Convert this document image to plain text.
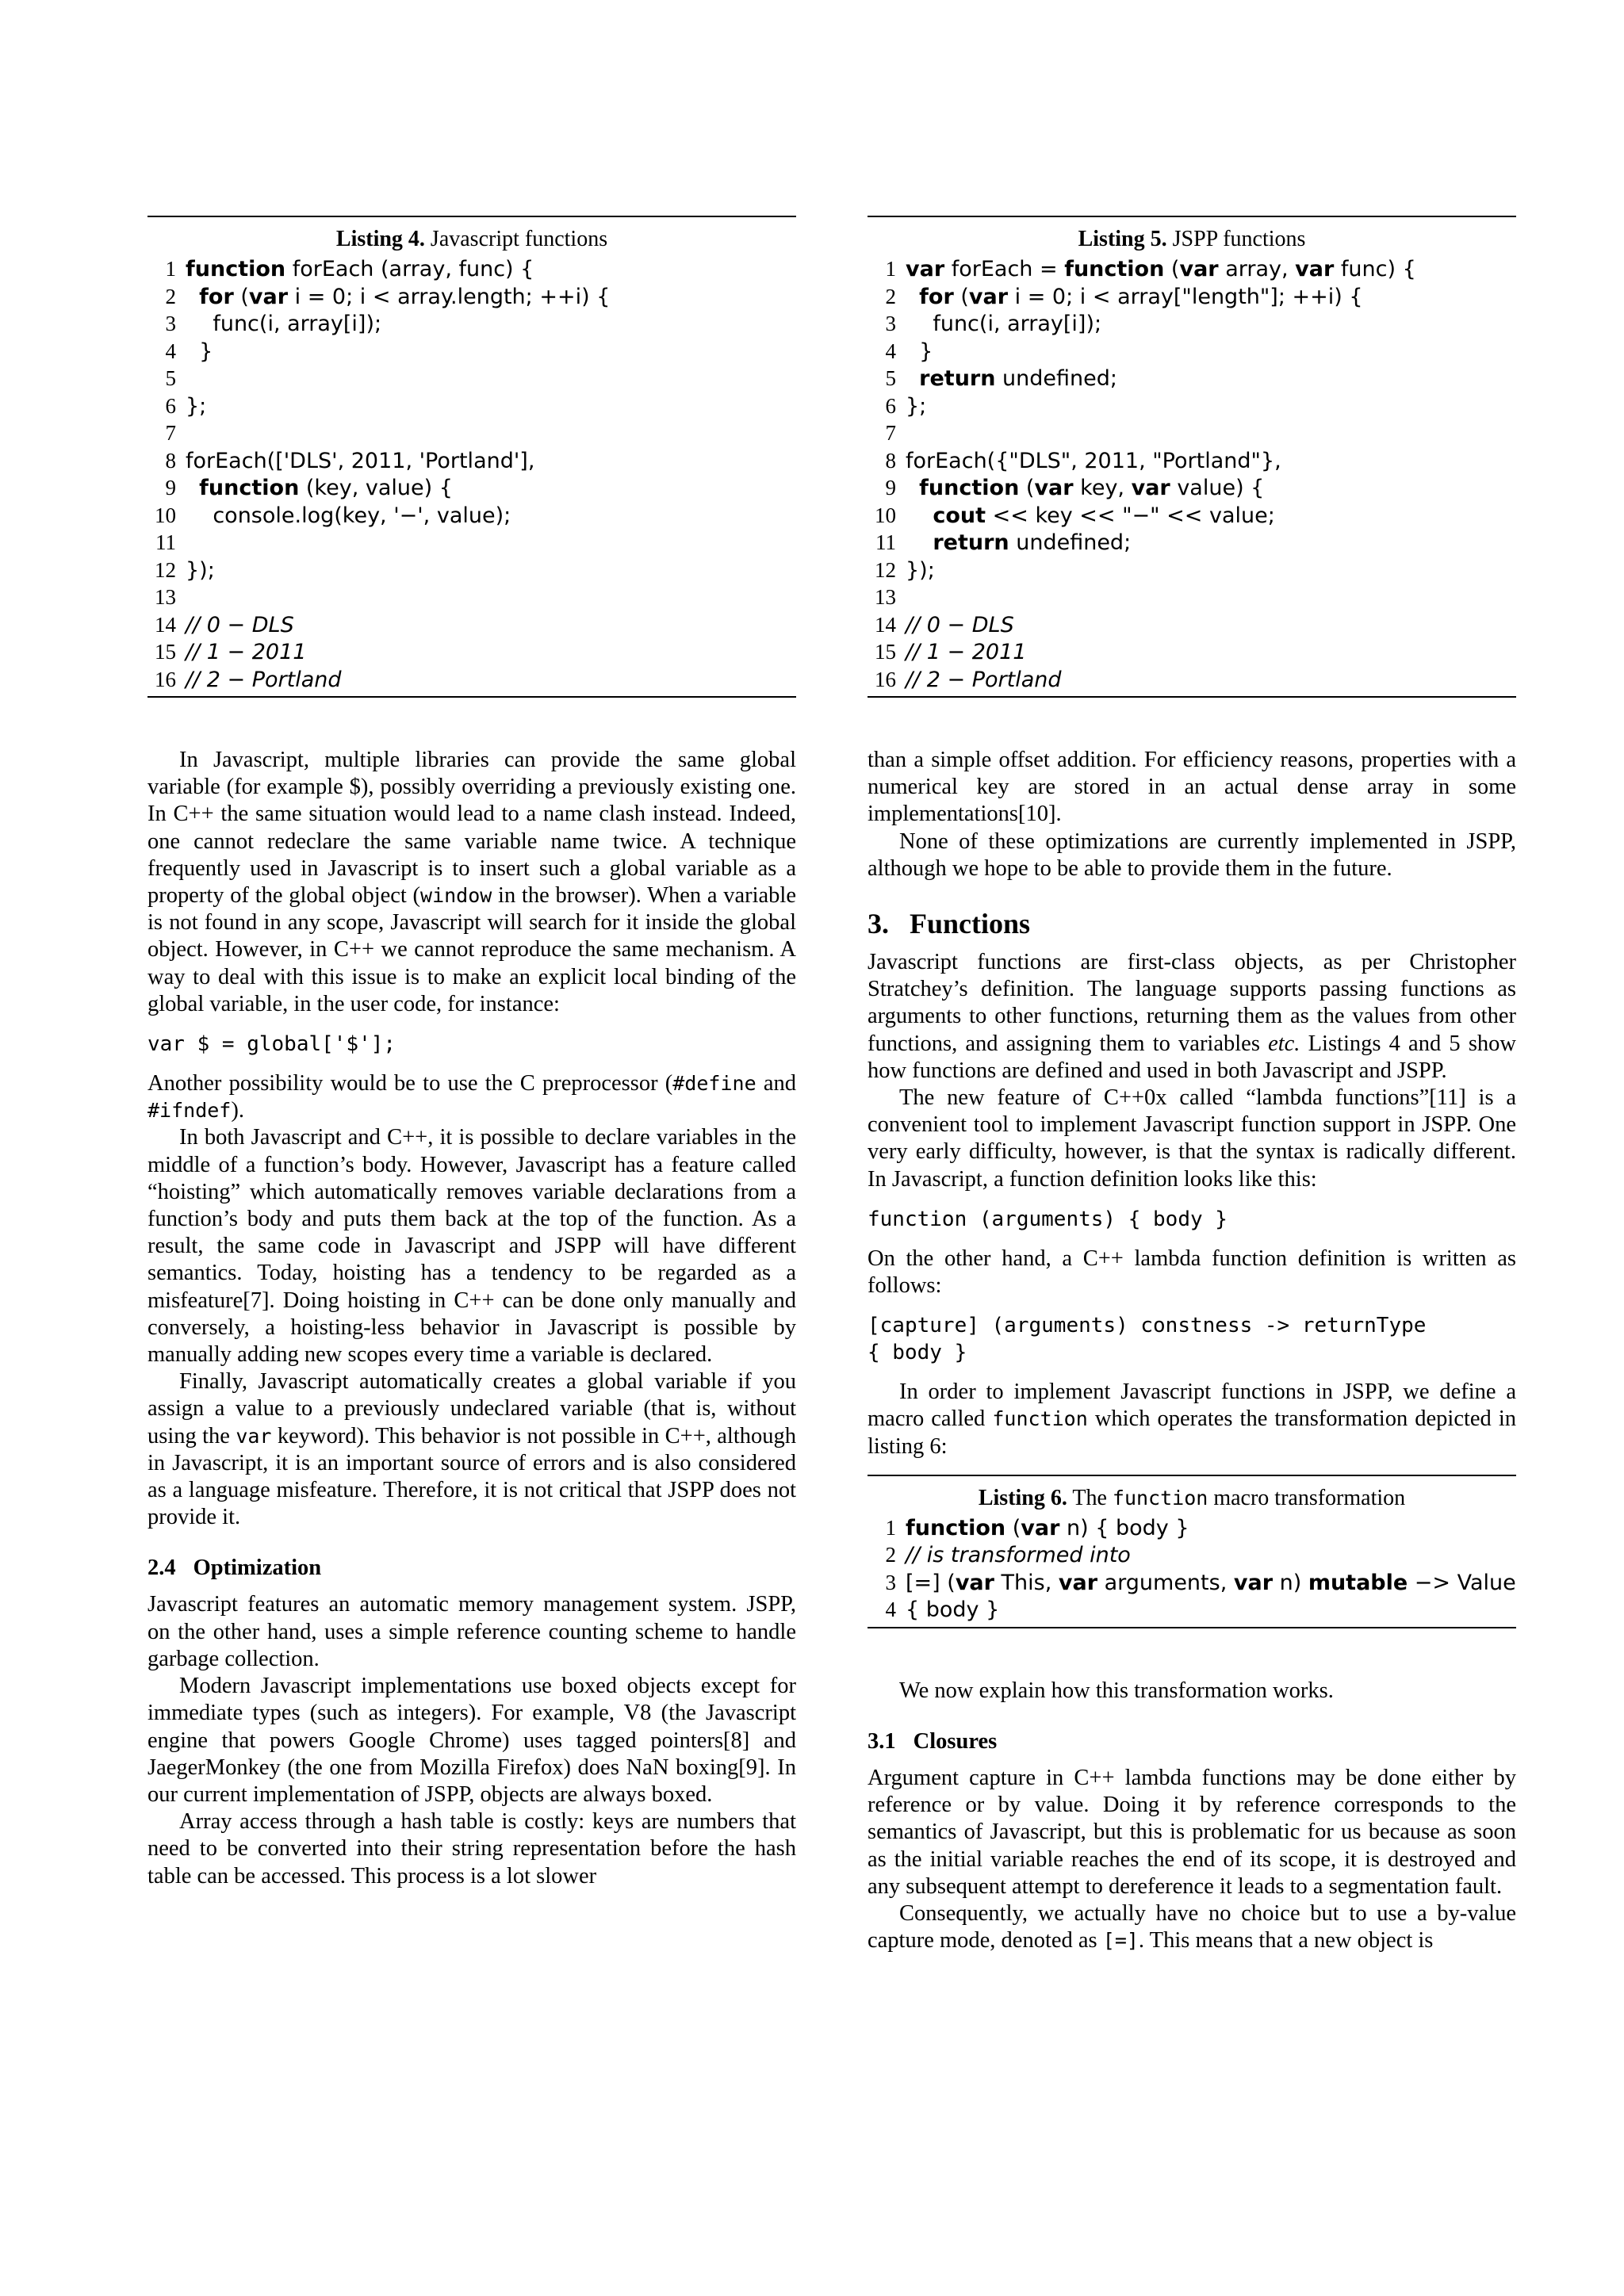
Listing 4. Javascript functions
1 function forEach (array, func) {
2	for (var i = 0; i < array.length; ++i) {
3 func(i, array[i]);
4 }
5
6 };
7
8 forEach(['DLS', 2011, 'Portland'],
9	function (key, value) {
10 console.log(key, '−', value);
11
12 });
13
14 // 0 − DLS
15 // 1 − 2011
16 // 2 − Portland

In Javascript, multiple libraries can provide the same global variable (for example $), possibly overriding a previously existing one. In C++ the same situation would lead to a name clash instead. Indeed, one cannot redeclare the same variable name twice. A technique frequently used in Javascript is to insert such a global variable as a property of the global object (window in the browser). When a variable is not found in any scope, Javascript will search for it inside the global object. However, in C++ we cannot reproduce the same mechanism. A way to deal with this issue is to make an explicit local binding of the global variable, in the user code, for instance:

var $ = global['$'];

Another possibility would be to use the C preprocessor (#define and #ifndef).

In both Javascript and C++, it is possible to declare variables in the middle of a function’s body. However, Javascript has a feature called “hoisting” which automatically removes variable declarations from a function’s body and puts them back at the top of the function. As a result, the same code in Javascript and JSPP will have different semantics. Today, hoisting has a tendency to be regarded as a misfeature[7]. Doing hoisting in C++ can be done only manually and conversely, a hoisting-less behavior in Javascript is possible by manually adding new scopes every time a variable is declared.

Finally, Javascript automatically creates a global variable if you assign a value to a previously undeclared variable (that is, without using the var keyword). This behavior is not possible in C++, although in Javascript, it is an important source of errors and is also considered as a language misfeature. Therefore, it is not critical that JSPP does not provide it.

2.4 Optimization

Javascript features an automatic memory management system. JSPP, on the other hand, uses a simple reference counting scheme to handle garbage collection.

Modern Javascript implementations use boxed objects except for immediate types (such as integers). For example, V8 (the Javascript engine that powers Google Chrome) uses tagged pointers[8] and JaegerMonkey (the one from Mozilla Firefox) does NaN boxing[9]. In our current implementation of JSPP, objects are always boxed.

Array access through a hash table is costly: keys are numbers that need to be converted into their string representation before the hash table can be accessed. This process is a lot slower

Listing 5. JSPP functions
1 var forEach = function (var array, var func) {
2	for (var i = 0; i < array["length"]; ++i) {
3 func(i, array[i]);
4 }
5	return undefined;
6 };
7
8 forEach({"DLS", 2011, "Portland"},
9	function (var key, var value) {
10	cout << key << "−" << value;
11	return undefined;
12 });
13
14 // 0 − DLS
15 // 1 − 2011
16 // 2 − Portland

than a simple offset addition. For efficiency reasons, properties with a numerical key are stored in an actual dense array in some implementations[10].

None of these optimizations are currently implemented in JSPP, although we hope to be able to provide them in the future.

3. Functions

Javascript functions are first-class objects, as per Christopher Stratchey’s definition. The language supports passing functions as arguments to other functions, returning them as the values from other functions, and assigning them to variables etc. Listings 4 and 5 show how functions are defined and used in both Javascript and JSPP.

The new feature of C++0x called “lambda functions”[11] is a convenient tool to implement Javascript function support in JSPP. One very early difficulty, however, is that the syntax is radically different. In Javascript, a function definition looks like this:

function (arguments) { body }

On the other hand, a C++ lambda function definition is written as follows:

[capture] (arguments) constness -> returnType
{ body }

In order to implement Javascript functions in JSPP, we define a macro called function which operates the transformation depicted in listing 6:

Listing 6. The function macro transformation
1 function (var n) { body }
2 // is transformed into
3 [=] (var This, var arguments, var n) mutable −> Value
4 { body }

We now explain how this transformation works.

3.1 Closures

Argument capture in C++ lambda functions may be done either by reference or by value. Doing it by reference corresponds to the semantics of Javascript, but this is problematic for us because as soon as the initial variable reaches the end of its scope, it is destroyed and any subsequent attempt to dereference it leads to a segmentation fault.

Consequently, we actually have no choice but to use a by-value capture mode, denoted as [=]. This means that a new object is
